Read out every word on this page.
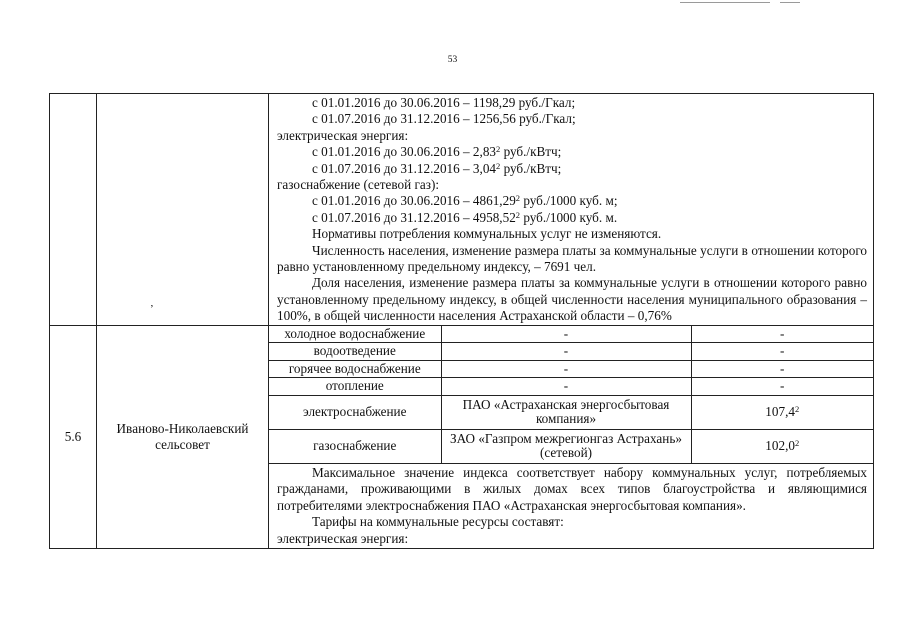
53
ʼ

с 01.01.2016 до 30.06.2016 – 1198,29 руб./Гкал;

с 01.07.2016 до 31.12.2016 – 1256,56 руб./Гкал;

электрическая энергия:

с 01.01.2016 до 30.06.2016 – 2,83$^2$ руб./кВтч;

с 01.07.2016 до 31.12.2016 – 3,04$^2$ руб./кВтч;

газоснабжение (сетевой газ):

с 01.01.2016 до 30.06.2016 – 4861,29$^2$ руб./1000 куб. м;

с 01.07.2016 до 31.12.2016 – 4958,52$^2$ руб./1000 куб. м.

Нормативы потребления коммунальных услуг не изменяются.

Численность населения, изменение размера платы за коммунальные услуги в отношении которого равно установленному предельному индексу, – 7691 чел.

Доля населения, изменение размера платы за коммунальные услуги в отношении которого равно установленному предельному индексу, в общей численности населения муниципального образования – 100%, в общей численности населения Астраханской области – 0,76%

5.6	Ивaново-Николаевский сельсовет	
холодное водоснабжение	-	-
водоотведение	-	-
горячее водоснабжение	-	-
отопление	-	-
электроснабжение	ПАО «Астраханская энергосбытовая компания»	107,4$^2$
газоснабжение	ЗАО «Газпром межрегионгаз Астрахань» (сетевой)	102,0$^2$

Максимальное значение индекса соответствует набору коммунальных услуг, потребляемых гражданами, проживающими в жилых домах всех типов благоустройства и являющимися потребителями электроснабжения ПАО «Астраханская энергосбытовая компания».

Тарифы на коммунальные ресурсы составят:

электрическая энергия:
